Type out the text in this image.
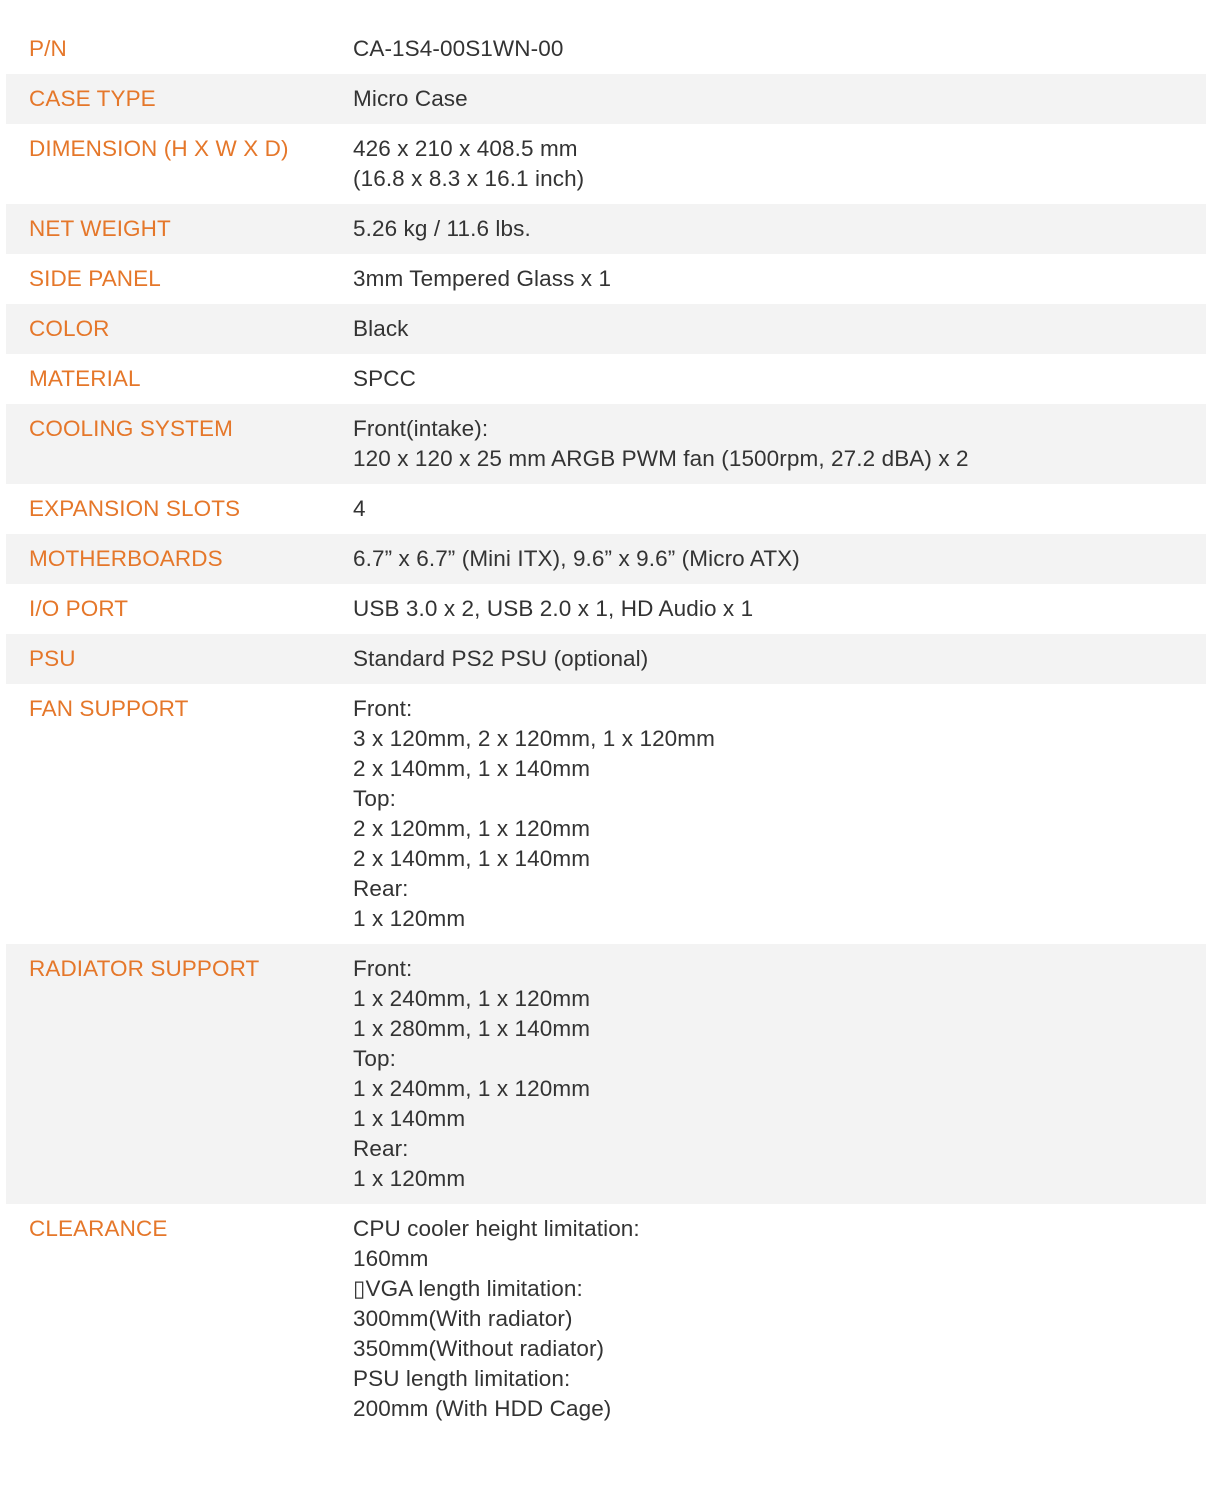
P/N	CA-1S4-00S1WN-00
CASE TYPE	Micro Case
DIMENSION (H X W X D)	426 x 210 x 408.5 mm
(16.8 x 8.3 x 16.1 inch)
NET WEIGHT	5.26 kg / 11.6 lbs.
SIDE PANEL	3mm Tempered Glass x 1
COLOR	Black
MATERIAL	SPCC
COOLING SYSTEM	Front(intake):
120 x 120 x 25 mm ARGB PWM fan (1500rpm, 27.2 dBA) x 2
EXPANSION SLOTS	4
MOTHERBOARDS	6.7” x 6.7” (Mini ITX), 9.6” x 9.6” (Micro ATX)
I/O PORT	USB 3.0 x 2, USB 2.0 x 1, HD Audio x 1
PSU	Standard PS2 PSU (optional)
FAN SUPPORT	Front:
3 x 120mm, 2 x 120mm, 1 x 120mm
2 x 140mm, 1 x 140mm
Top:
2 x 120mm, 1 x 120mm
2 x 140mm, 1 x 140mm
Rear:
1 x 120mm
RADIATOR SUPPORT	Front:
1 x 240mm, 1 x 120mm
1 x 280mm, 1 x 140mm
Top:
1 x 240mm, 1 x 120mm
1 x 140mm
Rear:
1 x 120mm
CLEARANCE	CPU cooler height limitation:
160mm
▯VGA length limitation:
300mm(With radiator)
350mm(Without radiator)
PSU length limitation:
200mm (With HDD Cage)
